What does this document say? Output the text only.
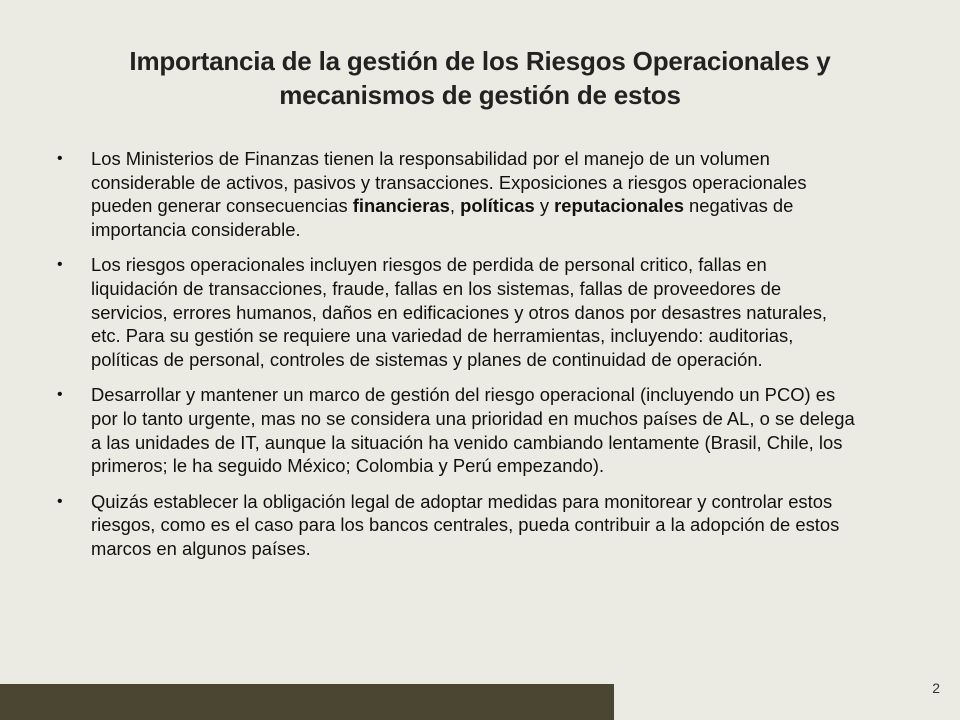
Importancia de la gestión de los Riesgos Operacionales y
mecanismos de gestión de estos
• Los Ministerios de Finanzas tienen la responsabilidad por el manejo de un volumen considerable de activos, pasivos y transacciones. Exposiciones a riesgos operacionales pueden generar consecuencias financieras, políticas y reputacionales negativas de importancia considerable.
• Los riesgos operacionales incluyen riesgos de perdida de personal critico, fallas en liquidación de transacciones, fraude, fallas en los sistemas, fallas de proveedores de servicios, errores humanos, daños en edificaciones y otros danos por desastres naturales, etc. Para su gestión se requiere una variedad de herramientas, incluyendo: auditorias, políticas de personal, controles de sistemas y planes de continuidad de operación.
• Desarrollar y mantener un marco de gestión del riesgo operacional (incluyendo un PCO) es por lo tanto urgente, mas no se considera una prioridad en muchos países de AL, o se delega a las unidades de IT, aunque la situación ha venido cambiando lentamente (Brasil, Chile, los primeros; le ha seguido México; Colombia y Perú empezando).
• Quizás establecer la obligación legal de adoptar medidas para monitorear y controlar estos riesgos, como es el caso para los bancos centrales, pueda contribuir a la adopción de estos marcos en algunos países.
2
